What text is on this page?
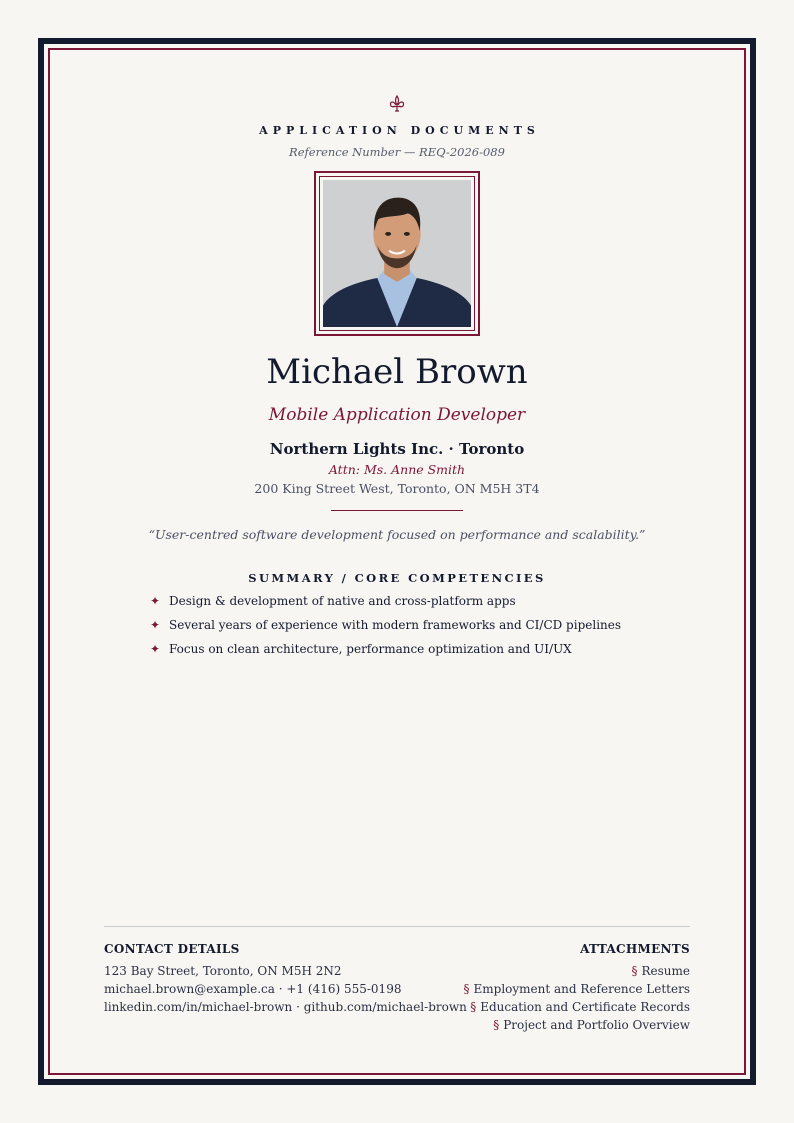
APPLICATION DOCUMENTS
Reference Number — REQ-2026-089
Michael Brown
Mobile Application Developer
Northern Lights Inc. · Toronto
Attn: Ms. Anne Smith
200 King Street West, Toronto, ON M5H 3T4
“User-centred software development focused on performance and scalability.”
SUMMARY / CORE COMPETENCIES
✦ Design & development of native and cross-platform apps
✦ Several years of experience with modern frameworks and CI/CD pipelines
✦ Focus on clean architecture, performance optimization and UI/UX
CONTACT DETAILS
123 Bay Street, Toronto, ON M5H 2N2
michael.brown@example.ca · +1 (416) 555-0198
linkedin.com/in/michael-brown · github.com/michael-brown
ATTACHMENTS
§ Resume
§ Employment and Reference Letters
§ Education and Certificate Records
§ Project and Portfolio Overview
